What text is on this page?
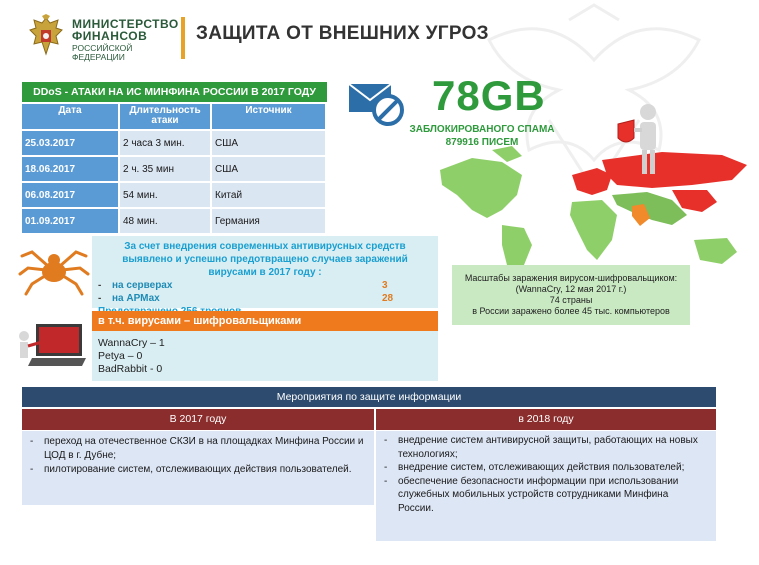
МИНИСТЕРСТВО
ФИНАНСОВ
РОССИЙСКОЙ ФЕДЕРАЦИИ
ЗАЩИТА ОТ ВНЕШНИХ УГРОЗ
DDoS - АТАКИ НА ИС МИНФИНА РОССИИ В 2017 ГОДУ
Дата	Длительность атаки	Источник
25.03.2017	2 часа 3 мин.	США
18.06.2017	2 ч. 35 мин	США
06.08.2017	54 мин.	Китай
01.09.2017	48 мин.	Германия
78GB
ЗАБЛОКИРОВАНОГО СПАМА
879916 ПИСЕМ
За счет внедрения современных антивирусных средств выявлено и успешно предотвращено случаев заражений вирусами в 2017 году :
-	на серверах	3
-	на АРМах	28
в т.ч. вирусами – шифровальщиками
WannaCry – 1
Petya – 0
BadRabbit - 0
Масштабы заражения вирусом-шифровальщиком:
(WannaCry, 12 мая 2017 г.)
74 страны
в России заражено более 45 тыс. компьютеров
Мероприятия по защите информации
В 2017 году	в 2018 году
-	переход на отечественное СКЗИ в на площадках Минфина России и ЦОД в г. Дубне;
-	пилотирование систем, отслеживающих действия пользователей.
-	внедрение систем антивирусной защиты, работающих на новых технологиях;
-	внедрение систем, отслеживающих действия пользователей;
-	обеспечение безопасности информации при использовании служебных мобильных устройств сотрудниками Минфина России.
